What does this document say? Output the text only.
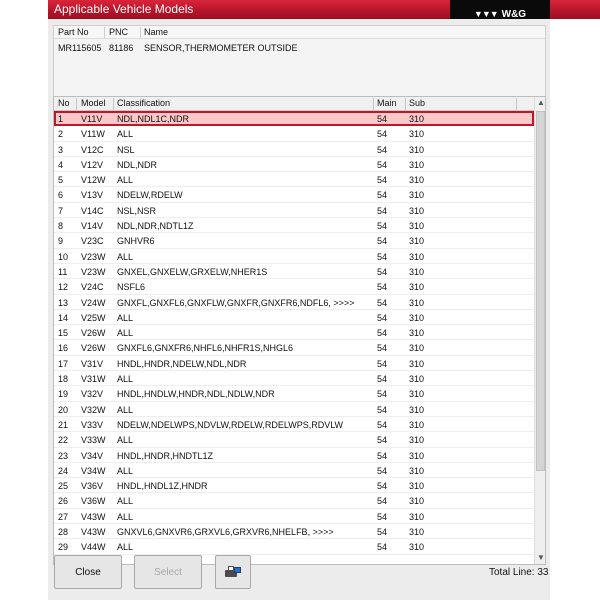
Applicable Vehicle Models	▼▼▼ W&G
Part No PNC Name
MR115605 81186 SENSOR,THERMOMETER OUTSIDE
No Model Classification	Main Sub
1 V11V NDL,NDL1C,NDR	54 310
2 V11W ALL	54 310
3 V12C NSL	54 310
4 V12V NDL,NDR	54 310
5 V12W ALL	54 310
6 V13V NDELW,RDELW	54 310
7 V14C NSL,NSR	54 310
8 V14V NDL,NDR,NDTL1Z	54 310
9 V23C GNHVR6	54 310
10 V23W ALL	54 310
11 V23W GNXEL,GNXELW,GRXELW,NHER1S	54 310
12 V24C NSFL6	54 310
13 V24W GNXFL,GNXFL6,GNXFLW,GNXFR,GNXFR6,NDFL6, >>>>	54 310
14 V25W ALL	54 310
15 V26W ALL	54 310
16 V26W GNXFL6,GNXFR6,NHFL6,NHFR1S,NHGL6	54 310
17 V31V HNDL,HNDR,NDELW,NDL,NDR	54 310
18 V31W ALL	54 310
19 V32V HNDL,HNDLW,HNDR,NDL,NDLW,NDR	54 310
20 V32W ALL	54 310
21 V33V NDELW,NDELWPS,NDVLW,RDELW,RDELWPS,RDVLW	54 310
22 V33W ALL	54 310
23 V34V HNDL,HNDR,HNDTL1Z	54 310
24 V34W ALL	54 310
25 V36V HNDL,HNDL1Z,HNDR	54 310
26 V36W ALL	54 310
27 V43W ALL	54 310
28 V43W GNXVL6,GNXVR6,GRXVL6,GRXVR6,NHELFB, >>>>	54 310
29 V44W ALL	54 310
▲
▼
Close	Select	Total Line: 33
